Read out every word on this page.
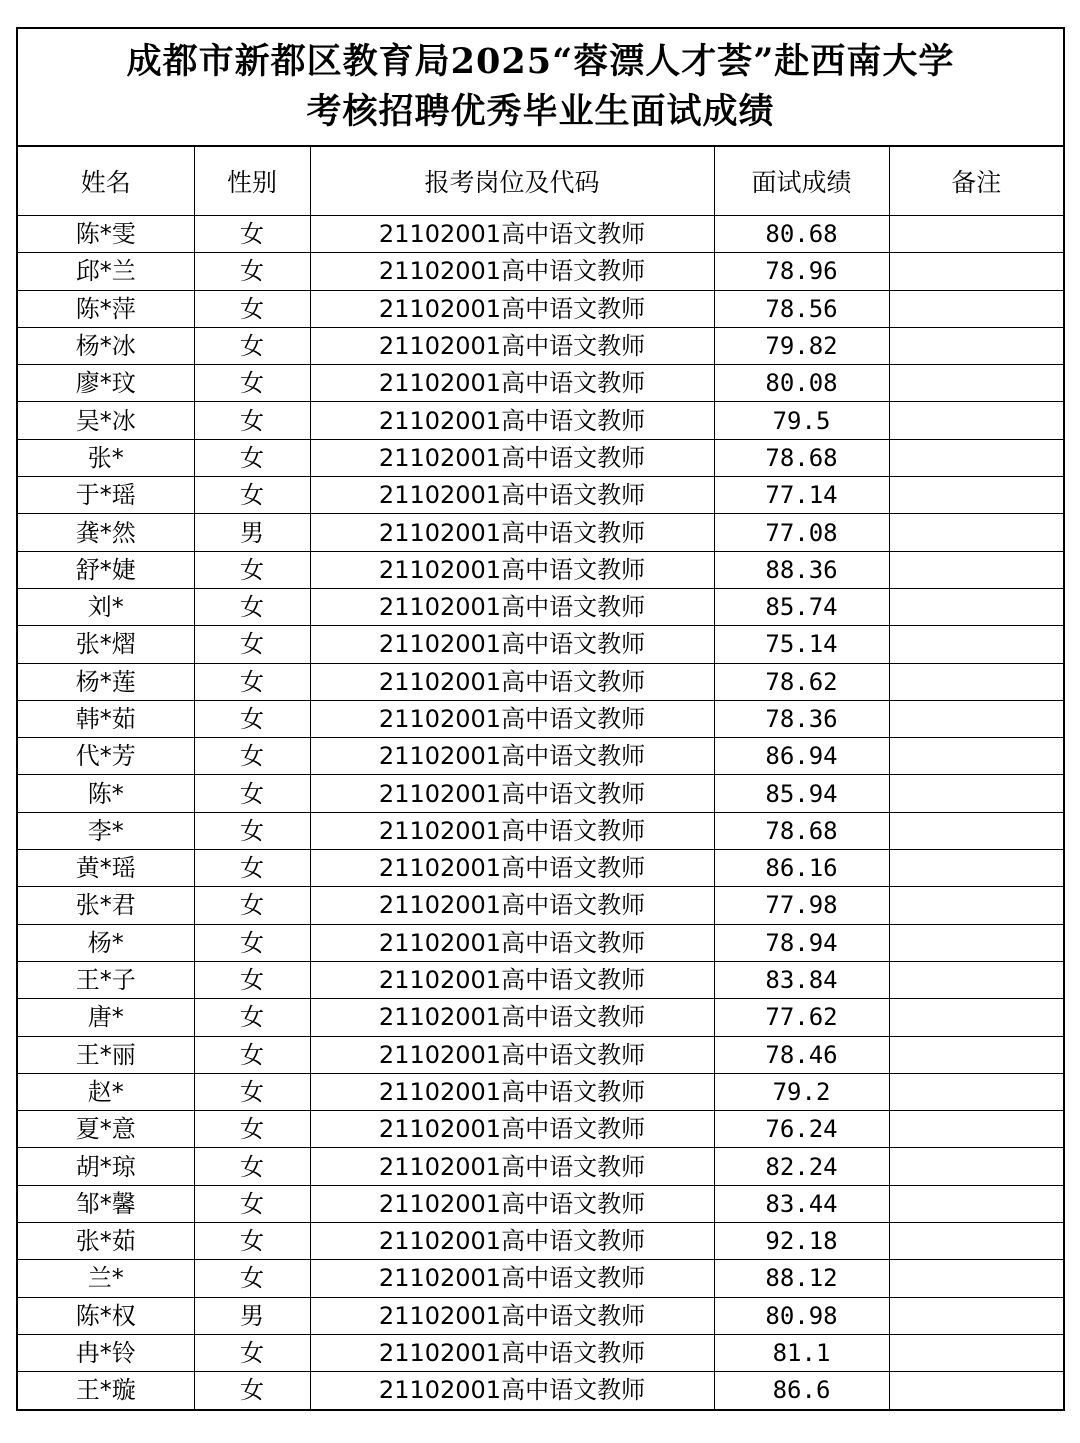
成都市新都区教育局2025“蓉漂人才荟”赴西南大学
考核招聘优秀毕业生面试成绩
姓名	性别	报考岗位及代码	面试成绩	备注
陈*雯	女	21102001高中语文教师	80.68	
邱*兰	女	21102001高中语文教师	78.96	
陈*萍	女	21102001高中语文教师	78.56	
杨*冰	女	21102001高中语文教师	79.82	
廖*玟	女	21102001高中语文教师	80.08	
吴*冰	女	21102001高中语文教师	79.5	
张*	女	21102001高中语文教师	78.68	
于*瑶	女	21102001高中语文教师	77.14	
龚*然	男	21102001高中语文教师	77.08	
舒*婕	女	21102001高中语文教师	88.36	
刘*	女	21102001高中语文教师	85.74	
张*熠	女	21102001高中语文教师	75.14	
杨*莲	女	21102001高中语文教师	78.62	
韩*茹	女	21102001高中语文教师	78.36	
代*芳	女	21102001高中语文教师	86.94	
陈*	女	21102001高中语文教师	85.94	
李*	女	21102001高中语文教师	78.68	
黄*瑶	女	21102001高中语文教师	86.16	
张*君	女	21102001高中语文教师	77.98	
杨*	女	21102001高中语文教师	78.94	
王*子	女	21102001高中语文教师	83.84	
唐*	女	21102001高中语文教师	77.62	
王*丽	女	21102001高中语文教师	78.46	
赵*	女	21102001高中语文教师	79.2	
夏*意	女	21102001高中语文教师	76.24	
胡*琼	女	21102001高中语文教师	82.24	
邹*馨	女	21102001高中语文教师	83.44	
张*茹	女	21102001高中语文教师	92.18	
兰*	女	21102001高中语文教师	88.12	
陈*权	男	21102001高中语文教师	80.98	
冉*铃	女	21102001高中语文教师	81.1	
王*璇	女	21102001高中语文教师	86.6	
